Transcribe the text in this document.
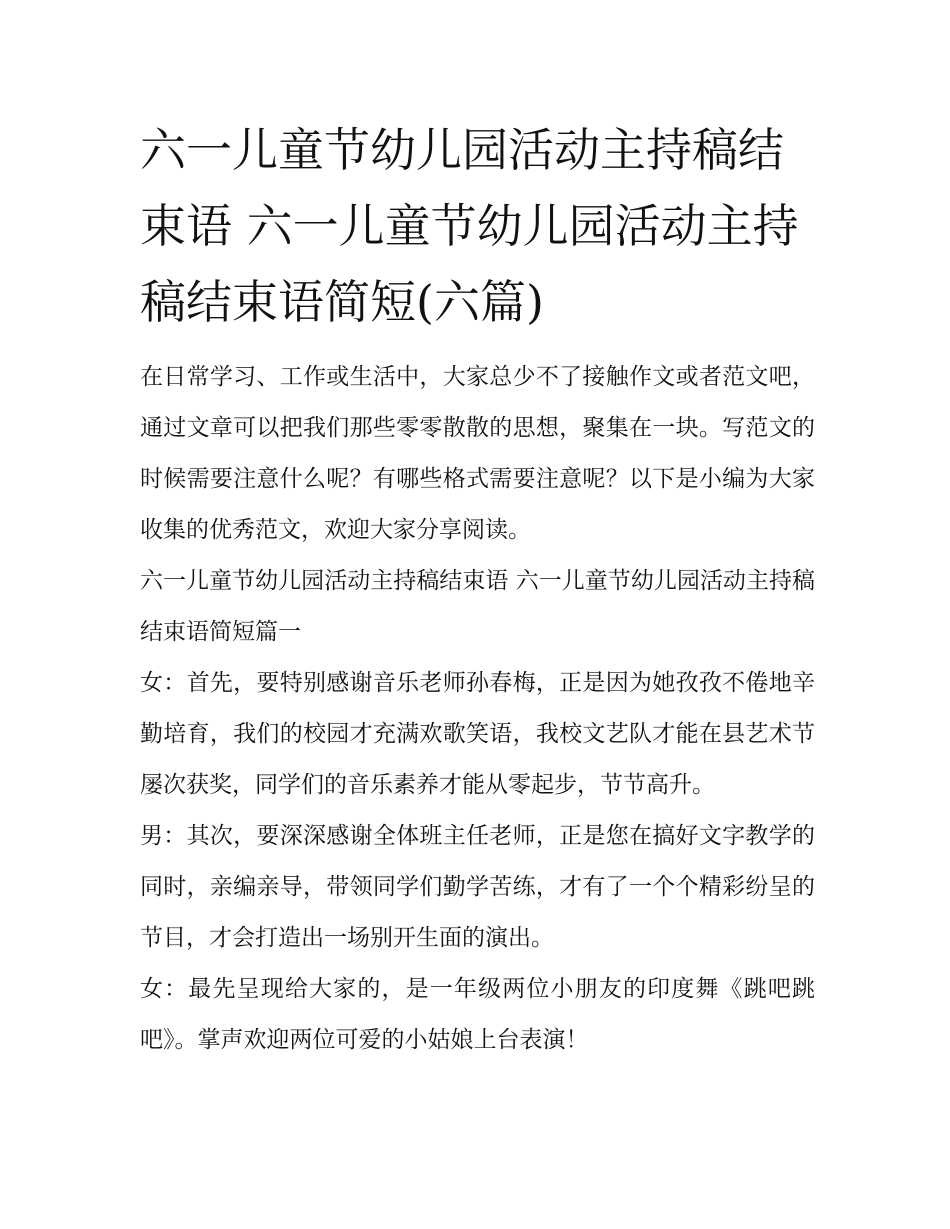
六一儿童节幼儿园活动主持稿结束语 六一儿童节幼儿园活动主持稿结束语简短(六篇)

在日常学习、工作或生活中，大家总少不了接触作文或者范文吧，通过文章可以把我们那些零零散散的思想，聚集在一块。写范文的时候需要注意什么呢？有哪些格式需要注意呢？以下是小编为大家收集的优秀范文，欢迎大家分享阅读。

六一儿童节幼儿园活动主持稿结束语 六一儿童节幼儿园活动主持稿结束语简短篇一

女：首先，要特别感谢音乐老师孙春梅，正是因为她孜孜不倦地辛勤培育，我们的校园才充满欢歌笑语，我校文艺队才能在县艺术节屡次获奖，同学们的音乐素养才能从零起步，节节高升。

男：其次，要深深感谢全体班主任老师，正是您在搞好文字教学的同时，亲编亲导，带领同学们勤学苦练，才有了一个个精彩纷呈的节目，才会打造出一场别开生面的演出。

女：最先呈现给大家的，是一年级两位小朋友的印度舞《跳吧跳吧》。掌声欢迎两位可爱的小姑娘上台表演！
